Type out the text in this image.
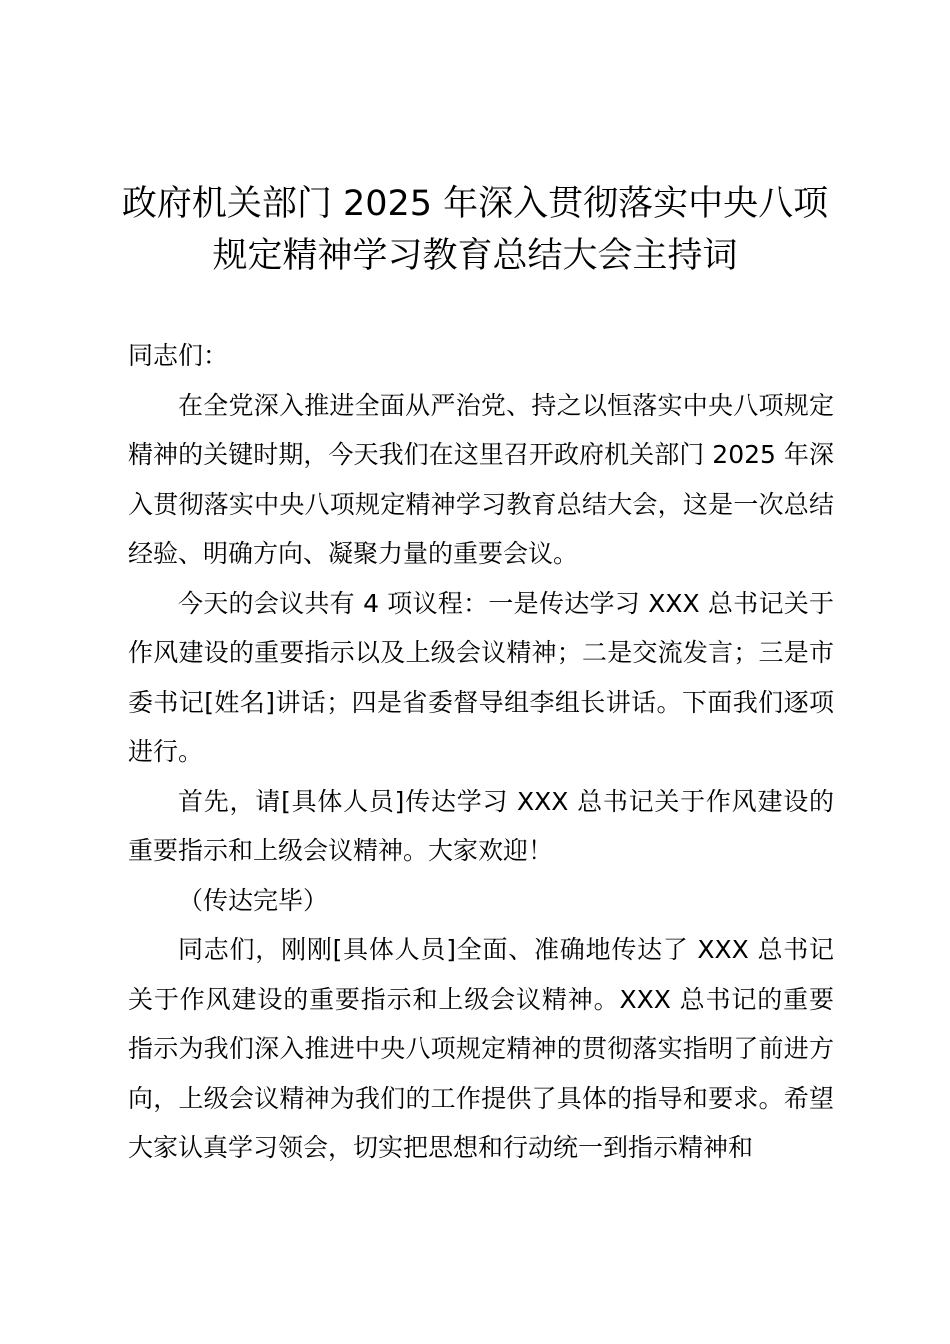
政府机关部门 2025 年深入贯彻落实中央八项
规定精神学习教育总结大会主持词

同志们：

在全党深入推进全面从严治党、持之以恒落实中央八项规定精神的关键时期，今天我们在这里召开政府机关部门 2025 年深入贯彻落实中央八项规定精神学习教育总结大会，这是一次总结经验、明确方向、凝聚力量的重要会议。

今天的会议共有 4 项议程：一是传达学习 XXX 总书记关于作风建设的重要指示以及上级会议精神；二是交流发言；三是市委书记[姓名]讲话；四是省委督导组李组长讲话。下面我们逐项进行。

首先，请[具体人员]传达学习 XXX 总书记关于作风建设的重要指示和上级会议精神。大家欢迎！

（传达完毕）

同志们，刚刚[具体人员]全面、准确地传达了 XXX 总书记关于作风建设的重要指示和上级会议精神。XXX 总书记的重要指示为我们深入推进中央八项规定精神的贯彻落实指明了前进方向，上级会议精神为我们的工作提供了具体的指导和要求。希望大家认真学习领会，切实把思想和行动统一到指示精神和
